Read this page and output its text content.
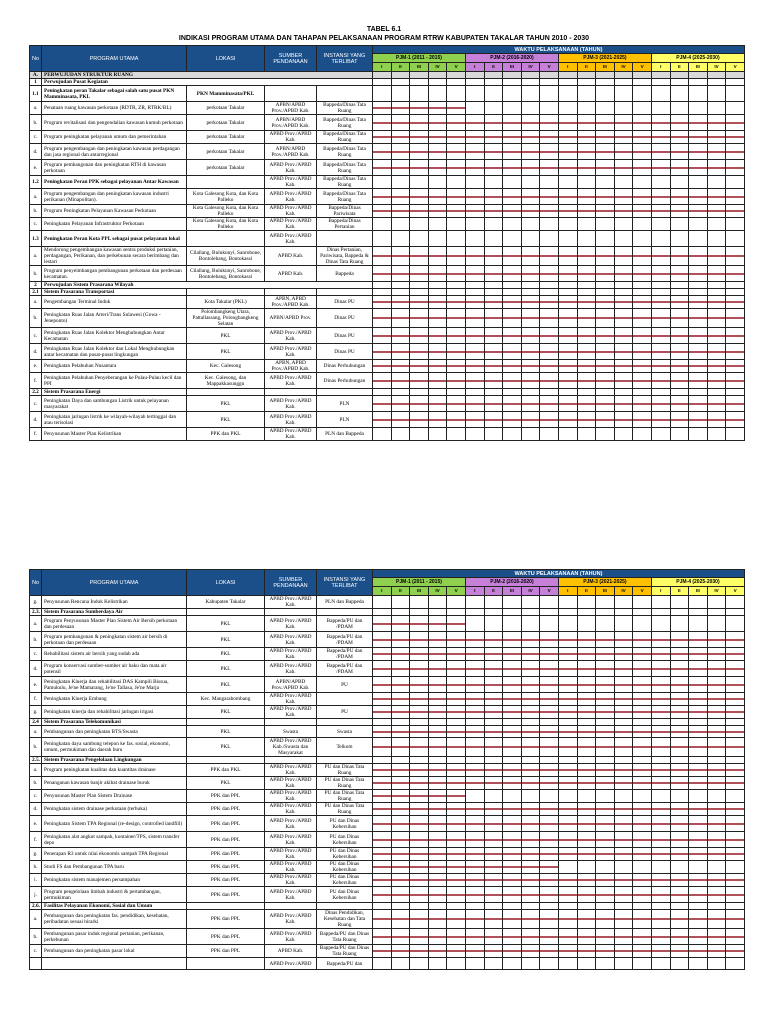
TABEL 6.1
INDIKASI PROGRAM UTAMA DAN TAHAPAN PELAKSANAAN PROGRAM RTRW KABUPATEN TAKALAR TAHUN 2010 - 2030
No	PROGRAM UTAMA	LOKASI	SUMBER PENDANAAN	INSTANSI YANG TERLIBAT	WAKTU PELAKSANAAN (TAHUN)																			
					PJM-1 (2011 - 2015)					PJM-2 (2016-2020)					PJM-3 (2021-2025)					PJM-4 (2025-2030)				
					I	II	III	IV	V	I	II	III	IV	V	I	II	III	IV	V	I	II	III	IV	V
A.	PERWUJUDAN STRUKTUR RUANG																							
1	Perwujudan Pusat Kegiatan																							
1.1	Peningkatan peran Takalar sebagai salah satu pusat PKN Mamminasata, PKL	PKN Mamminasata/PKL																						
a.	Penataan ruang kawasan perkotaan (RDTR, ZR, RTRK/BL)	perkotaan Takalar	APBN/APBD Prov./APBD Kab.	Bappeda/Dinas Tata Ruang	

b.	Program revitalisasi dan pengendalian kawasan kumuh perkotaan	perkotaan Takalar	APBN/APBD Prov./APBD Kab.	Bappeda/Dinas Tata Ruang	

c.	Program peningkatan pelayanan umum dan pemerintahan	perkotaan Takalar	APBD Prov./APBD Kab.	Bappeda/Dinas Tata Ruang	

d.	Program pengembangan dan peningkatan kawasan perdagangan dan jasa regional dan antarregional	perkotaan Takalar	APBN/APBD Prov./APBD Kab.	Bappeda/Dinas Tata Ruang	

e.	Program pembangunan dan peningkatan RTH di kawasan perkotaan	perkotaan Takalar	APBD Prov./APBD Kab.	Bappeda/Dinas Tata Ruang	

1.2	Peningkatan Peran PPK sebagai pelayanan Antar Kawasan		APBD Prov./APBD Kab.	Bappeda/Dinas Tata Ruang																				
a.	Program pengembangan dan peningkatan kawasan industri perikanan (Minapolitan).	Kota Galesong Kota, dan Kota Palleko	APBD Prov./APBD Kab.	Bappeda/Dinas Tata Ruang	

b.	Program Peningkatan Pelayanan Kawasan Perkotaan	Kota Galesong Kota, dan Kota Palleko	APBD Prov./APBD Kab.	Bappeda/Dinas Pariwisata	

c.	Peningkatan Pelayanan Infrastruktur Perkotaan	Kota Galesong Kota, dan Kota Palleko	APBD Prov./APBD Kab.	Bappeda/Dinas Pertanian																				
1.3	Peningkatan Peran Kota PPL sebagai pusat pelayanan lokal		APBD Prov./APBD Kab.																					
a.	Mendorong pengembangan kawasan sentra produksi pertanian, perdagangan, Perikanan, dan perkebunan secara berimbang dan lestari	Cilallang, Bulukunyi, Sanrobone, Bontolebang, Bontokassi	APBD Kab.	Dinas Pertanian, Pariwisata, Bappeda & Dinas Tata Ruang	

b.	Program penyeimbangan pembangunan perkotaan dan perdesaan kecamatan.	Cilallang, Bulukunyi, Sanrobone, Bontolebang, Bontokassi	APBD Kab.	Bappeda	

2	Perwujudan Sistem Prasarana Wilayah																							
2.1	Sistem Prasarana Transportasi																							
a.	Pengembangan Terminal Induk	Kota Takalar (PKL)	APBN, APBD Prov./APBD Kab.	Dinas PU	

b.	Peningkatan Ruas Jalan Arteri/Trans Sulawesi (Gowa - Jeneponto)	Polombangkeng Utara, Pattallassang, Polongbangkeng Selatan	APBN/APBD Prov.	Dinas PU	

c.	Peningkatan Ruas Jalan Kolektor Menghubungkan Antar Kecamatan	PKL	APBD Prov./APBD Kab.	Dinas PU	

d.	Peningkatan Ruas Jalan Kolektor dan Lokal Menghubungkan antar kecamatan dan pusat-pusat lingkungan	PKL	APBD Prov./APBD Kab.	Dinas PU	

e.	Peningkatan Pelabuhan Nusantara	Kec. Galesong	APBN, APBD Prov./APBD Kab.	Dinas Perhubungan	

f.	Peningkatan Pelabuhan Penyeberangan ke Pulau-Pulau kecil dan PPI	Kec. Galesong, dan Mappakkasunggu	APBD Prov./APBD Kab.	Dinas Perhubungan	

2.2	Sistem Prasarana Energi																							
c.	Peningkatan Daya dan sambungan Listrik untuk pelayanan masyarakat	PKL	APBD Prov./APBD Kab.	PLN	

d.	Peningkatan jaringan listrik ke wilayah-wilayah tertinggal dan atau terisolasi	PKL	APBD Prov./APBD Kab.	PLN	

f.	Penyusunan Master Plan Kelistrikan	PPK dan PKL	APBD Prov./APBD Kab.	PLN dan Bappeda																				
No	PROGRAM UTAMA	LOKASI	SUMBER PENDANAAN	INSTANSI YANG TERLIBAT	WAKTU PELAKSANAAN (TAHUN)																			
					PJM-1 (2011 - 2015)					PJM-2 (2016-2020)					PJM-3 (2021-2025)					PJM-4 (2025-2030)				
					I	II	III	IV	V	I	II	III	IV	V	I	II	III	IV	V	I	II	III	IV	V
g.	Penyusunan Rencana Induk Kelistrikan	Kabupaten Takalar	APBD Prov./APBD Kab.	PLN dan Bappeda																				
2.3.	Sistem Prasarana Sumberdaya Air																							
a.	Program Penyusunan Master Plan Sistem Air Bersih perkotaan dan perdesaan	PKL	APBD Prov./APBD Kab.	Bappeda/PU dan /PDAM	

b.	Program pembangunan & peningkatan sistem air bersih di perkotaan dan perdesaan	PKL	APBD Prov./APBD Kab.	Bappeda/PU dan /PDAM	

c.	Rehabilitasi sistem air bersih yang sudah ada	PKL	APBD Prov./APBD Kab.	Bappeda/PU dan /PDAM	

d.	Program konservasi sumber-sumber air baku dan mata air potensil	PKL	APBD Prov./APBD Kab.	Bappeda/PU dan /PDAM	

e.	Peningkatan Kinerja dan rehabilitasi DAS Kampili Bissua, Pamukulu, Je'ne Mamarang, Je'ne Tallasa, Je'ne Marja	PKL	APBN/APBD Prov./APBD Kab.	PU	

f.	Peningkatan Kinerja Embung	Kec. Mangarabombang	APBD Prov./APBD Kab.		

g.	Peningkatan kinerja dan rehabilitasi jaringan irigasi	PKL	APBD Prov./APBD Kab.	PU	

2.4	Sistem Prasarana Telekomunikasi																							
a.	Pembangunan dan peningkatan BTS/Swasta	PKL	Swasta	Swasta	

b.	Peningkatan daya sambung telepon ke fas. sosial, ekonomi, umum, permukiman dan daerah buru	PKL	APBD Prov./APBD Kab./Swasta dan Masyarakat	Telkom	

2.5.	Sistem Prasarana Pengelolaan Lingkungan																							
a.	Program peningkatan kualitas dan kuantitas drainase	PPK dan PKL	APBD Prov./APBD Kab.	PU dan Dinas Tata Ruang	

b.	Penanganan kawasan banjir akibat drainase buruk	PKL	APBD Prov./APBD Kab.	PU dan Dinas Tata Ruang	

c.	Penyusunan Master Plan Sistem Drainase	PPK dan PPL	APBD Prov./APBD Kab.	PU dan Dinas Tata Ruang	

d.	Peningkatan sistem drainase perkotaan (terbuka)	PPK dan PPL	APBD Prov./APBD Kab.	PU dan Dinas Tata Ruang	

e.	Peningkatan Sistem TPA Regional (re-design, controlled landfill)	PPK dan PPL	APBD Prov./APBD Kab.	PU dan Dinas Kebersihan	

f.	Peningkatan alat angkut sampah, kontainer/TPS, sistem transfer depo	PPK dan PPL	APBD Prov./APBD Kab.	PU dan Dinas Kebersihan	

g.	Penerapan R3 untuk nilai ekonomis sampah TPA Regional	PPK dan PPL	APBD Prov./APBD Kab.	PU dan Dinas Kebersihan	

h.	Studi FS dan Pembangunan TPA baru	PPK dan PPL	APBD Prov./APBD Kab.	PU dan Dinas Kebersihan	

i.	Peningkatan sistem manajemen persampahan	PPK dan PPL	APBD Prov./APBD Kab.	PU dan Dinas Kebersihan	

j.	Program pengelolaan limbah industri & pertambangan, permukiman	PPK dan PPL	APBD Prov./APBD Kab.	PU dan Dinas Kebersihan	

2.6.	Fasilitas Pelayanan Ekonomi, Sosial dan Umum																							
a.	Pembangunan dan peningkatan fas. pendidikan, kesehatan, peribadatan sesuai hirarki	PPK dan PPL	APBD Prov./APBD Kab.	Dinas Pendidikan, Kesehatan dan Tata Ruang	

b.	Pembangunan pasar induk regional pertanian, perikanan, perkebunan	PPK dan PPL	APBD Prov./APBD Kab.	Bappeda/PU dan Dinas Tata Ruang	

c.	Pembangunan dan peningkatan pasar lokal	PPK dan PPL	APBD Kab.	Bappeda/PU dan Dinas Tata Ruang	

			APBD Prov./APBD	Bappeda/PU dan																				
